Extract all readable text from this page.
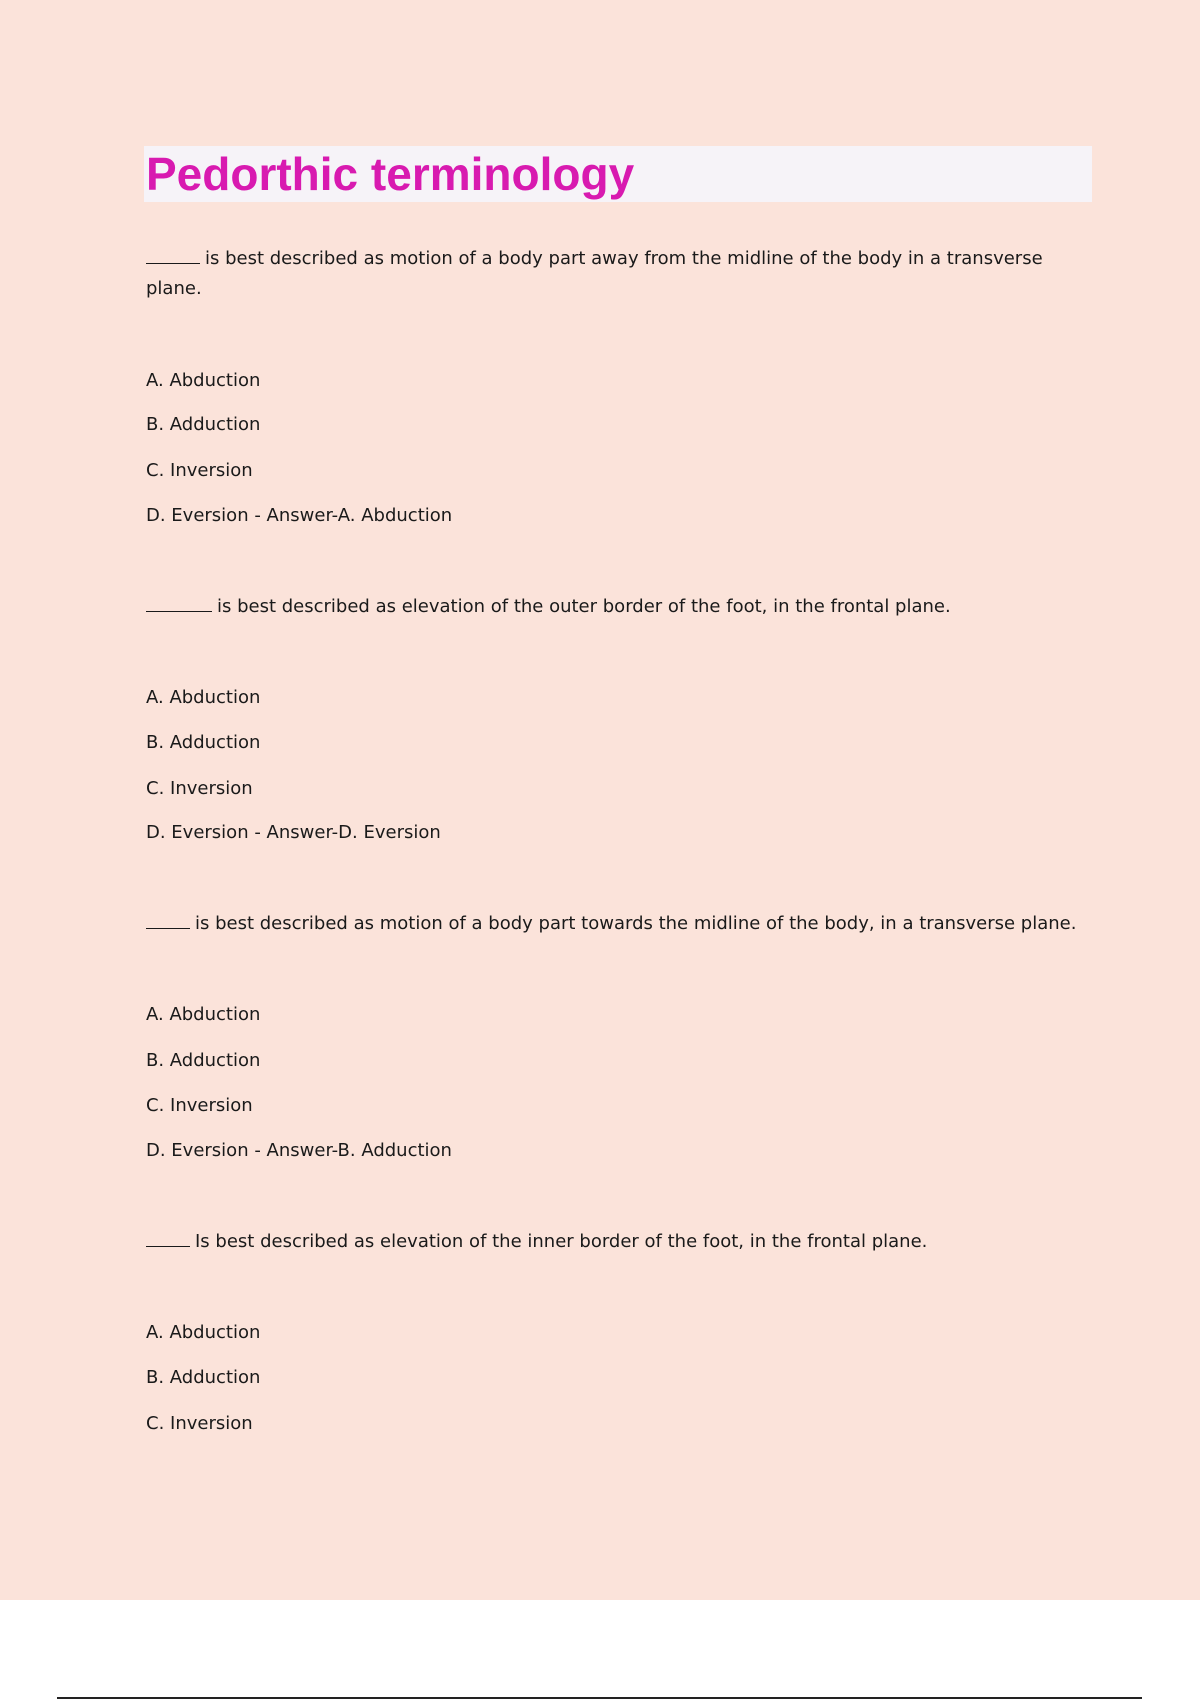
Pedorthic terminology
is best described as motion of a body part away from the midline of the body in a transverse
plane.
A. Abduction
B. Adduction
C. Inversion
D. Eversion - Answer-A. Abduction
is best described as elevation of the outer border of the foot, in the frontal plane.
A. Abduction
B. Adduction
C. Inversion
D. Eversion - Answer-D. Eversion
is best described as motion of a body part towards the midline of the body, in a transverse plane.
A. Abduction
B. Adduction
C. Inversion
D. Eversion - Answer-B. Adduction
Is best described as elevation of the inner border of the foot, in the frontal plane.
A. Abduction
B. Adduction
C. Inversion
